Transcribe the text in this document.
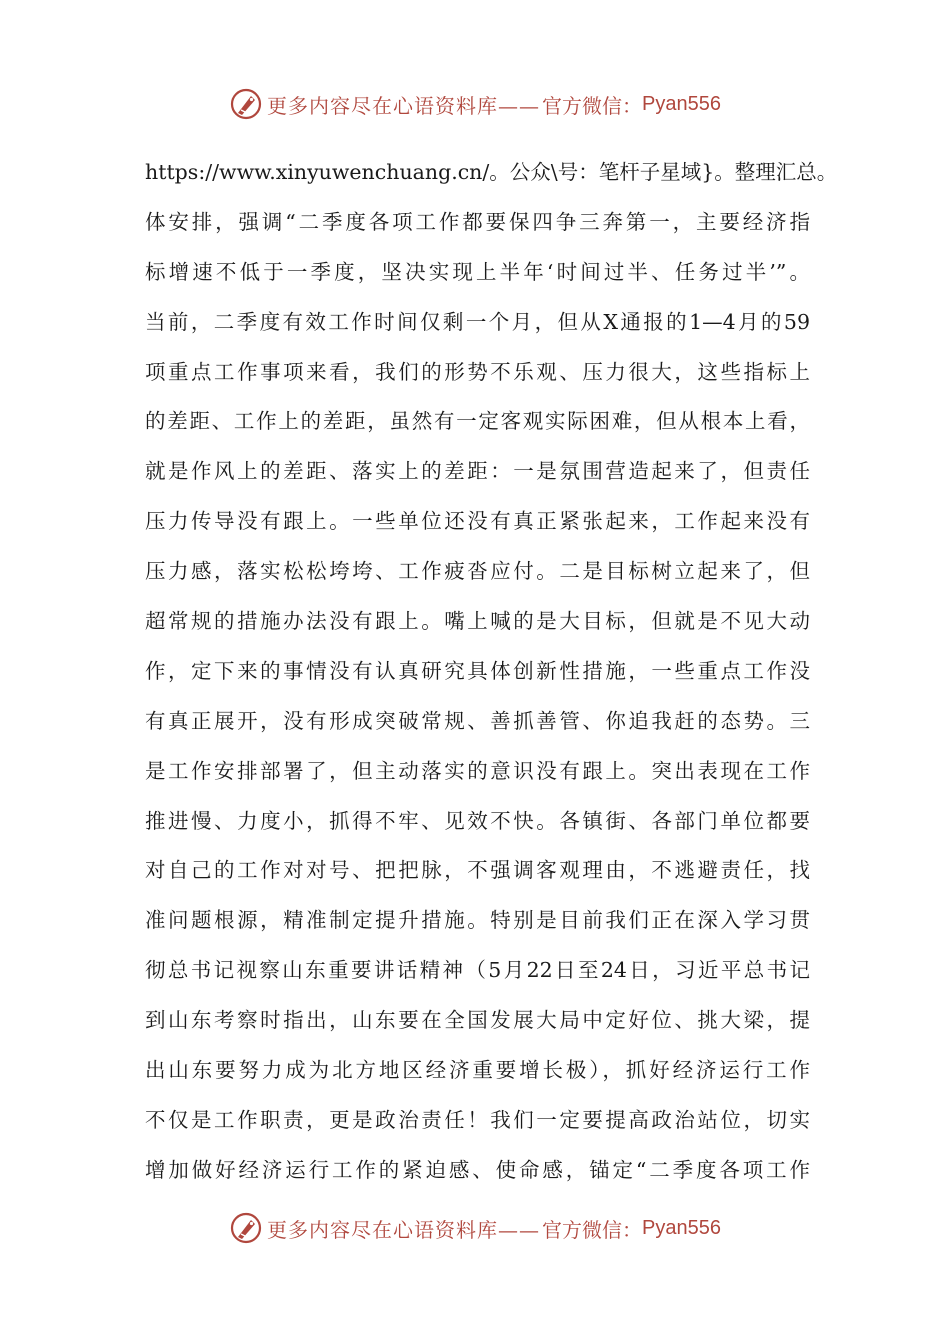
更多内容尽在心语资料库—— 官方微信： Pyan556
https://www.xinyuwenchuang.cn/。公众\号：笔杆子星域}。整理汇总。
体安排，强调“二季度各项工作都要保四争三奔第一，主要经济指
标增速不低于一季度，坚决实现上半年‘时间过半、任务过半’”。
当前，二季度有效工作时间仅剩一个月，但从X通报的1—4月的59
项重点工作事项来看，我们的形势不乐观、压力很大，这些指标上
的差距、工作上的差距，虽然有一定客观实际困难，但从根本上看，
就是作风上的差距、落实上的差距：一是氛围营造起来了，但责任
压力传导没有跟上。一些单位还没有真正紧张起来，工作起来没有
压力感，落实松松垮垮、工作疲沓应付。二是目标树立起来了，但
超常规的措施办法没有跟上。嘴上喊的是大目标，但就是不见大动
作，定下来的事情没有认真研究具体创新性措施，一些重点工作没
有真正展开，没有形成突破常规、善抓善管、你追我赶的态势。三
是工作安排部署了，但主动落实的意识没有跟上。突出表现在工作
推进慢、力度小，抓得不牢、见效不快。各镇街、各部门单位都要
对自己的工作对对号、把把脉，不强调客观理由，不逃避责任，找
准问题根源，精准制定提升措施。特别是目前我们正在深入学习贯
彻总书记视察山东重要讲话精神（5月22日至24日，习近平总书记
到山东考察时指出，山东要在全国发展大局中定好位、挑大梁，提
出山东要努力成为北方地区经济重要增长极），抓好经济运行工作
不仅是工作职责，更是政治责任！我们一定要提高政治站位，切实
增加做好经济运行工作的紧迫感、使命感，锚定“二季度各项工作
更多内容尽在心语资料库—— 官方微信： Pyan556
